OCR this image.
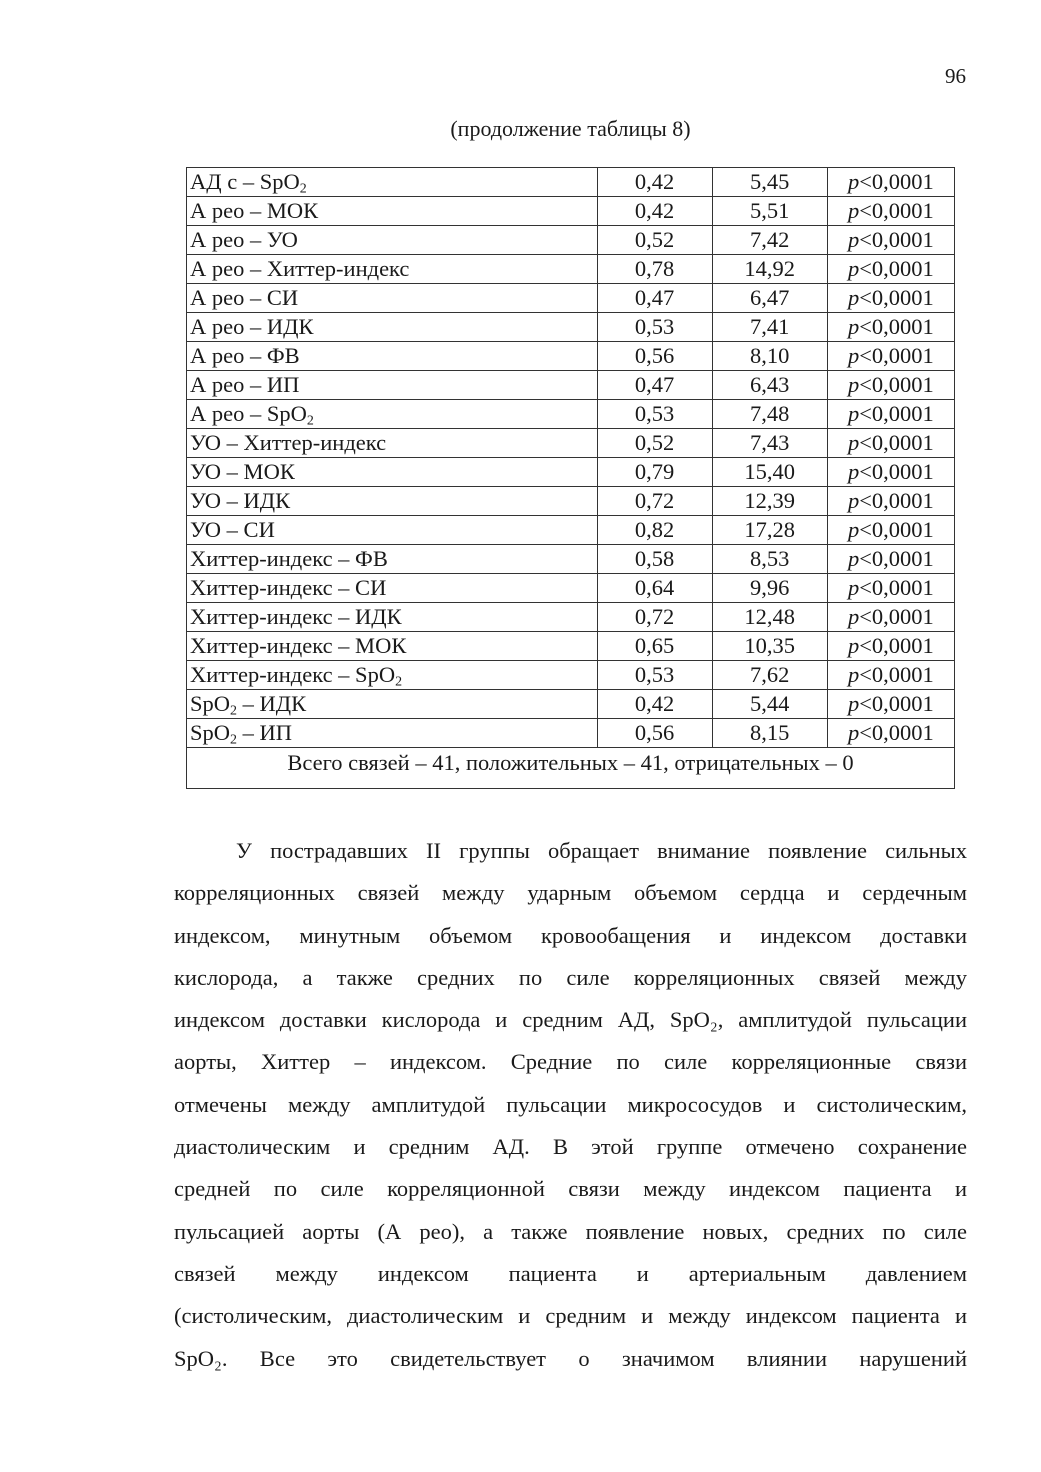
96
(продолжение таблицы 8)
АД с – SpO$_2$	0,42	5,45	p<0,0001
А рео – МОК	0,42	5,51	p<0,0001
А рео – УО	0,52	7,42	p<0,0001
А рео – Хиттер-индекс	0,78	14,92	p<0,0001
А рео – СИ	0,47	6,47	p<0,0001
А рео – ИДК	0,53	7,41	p<0,0001
А рео – ФВ	0,56	8,10	p<0,0001
А рео – ИП	0,47	6,43	p<0,0001
А рео – SpO$_2$	0,53	7,48	p<0,0001
УО – Хиттер-индекс	0,52	7,43	p<0,0001
УО – МОК	0,79	15,40	p<0,0001
УО – ИДК	0,72	12,39	p<0,0001
УО – СИ	0,82	17,28	p<0,0001
Хиттер-индекс – ФВ	0,58	8,53	p<0,0001
Хиттер-индекс – СИ	0,64	9,96	p<0,0001
Хиттер-индекс – ИДК	0,72	12,48	p<0,0001
Хиттер-индекс – МОК	0,65	10,35	p<0,0001
Хиттер-индекс – SpO$_2$	0,53	7,62	p<0,0001
SpO$_2$ – ИДК	0,42	5,44	p<0,0001
SpO$_2$ – ИП	0,56	8,15	p<0,0001
Всего связей – 41, положительных – 41, отрицательных – 0			
У пострадавших II группы обращает внимание появление сильных
корреляционных связей между ударным объемом сердца и сердечным
индексом, минутным объемом кровообащения и индексом доставки
кислорода, а также средних по силе корреляционных связей между
индексом доставки кислорода и средним АД, SpO₂, амплитудой пульсации
аорты, Хиттер – индексом. Средние по силе корреляционные связи
отмечены между амплитудой пульсации микрососудов и систолическим,
диастолическим и средним АД. В этой группе отмечено сохранение
средней по силе корреляционной связи между индексом пациента и
пульсацией аорты (А рео), а также появление новых, средних по силе
связей между индексом пациента и артериальным давлением
(систолическим, диастолическим и средним и между индексом пациента и
SpO₂. Все это свидетельствует о значимом влиянии нарушений
